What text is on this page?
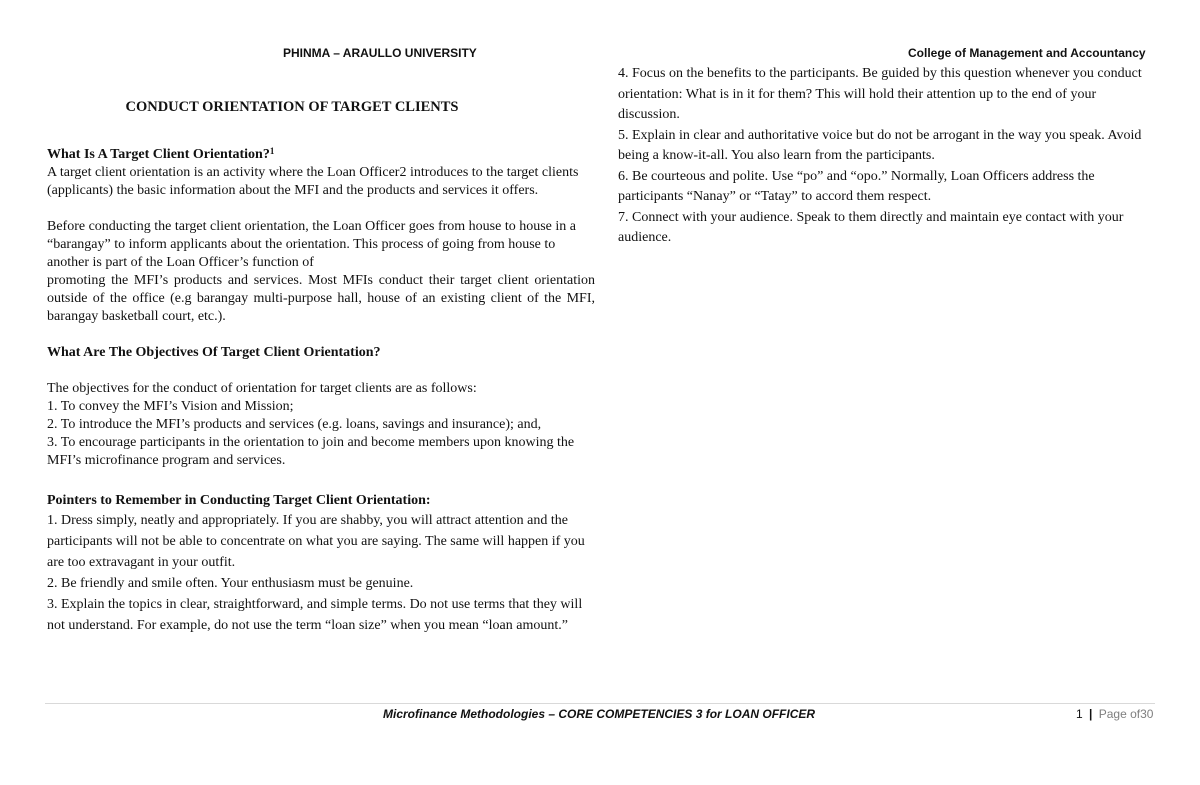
PHINMA – ARAULLO UNIVERSITY	College of Management and Accountancy

CONDUCT ORIENTATION OF TARGET CLIENTS

What Is A Target Client Orientation?$^1$

A target client orientation is an activity where the Loan Officer2 introduces to the target clients (applicants) the basic information about the MFI and the products and services it offers.

Before conducting the target client orientation, the Loan Officer goes from house to house in a “barangay” to inform applicants about the orientation. This process of going from house to another is part of the Loan Officer’s function of

promoting the MFI’s products and services. Most MFIs conduct their target client orientation outside of the office (e.g barangay multi-purpose hall, house of an existing client of the MFI, barangay basketball court, etc.).

What Are The Objectives Of Target Client Orientation?

The objectives for the conduct of orientation for target clients are as follows:

1. To convey the MFI’s Vision and Mission;
2. To introduce the MFI’s products and services (e.g. loans, savings and insurance); and,
3. To encourage participants in the orientation to join and become members upon knowing the MFI’s microfinance program and services.

Pointers to Remember in Conducting Target Client Orientation:

1. Dress simply, neatly and appropriately. If you are shabby, you will attract attention and the participants will not be able to concentrate on what you are saying. The same will happen if you are too extravagant in your outfit.
2. Be friendly and smile often. Your enthusiasm must be genuine.
3. Explain the topics in clear, straightforward, and simple terms. Do not use terms that they will not understand. For example, do not use the term “loan size” when you mean “loan amount.”
4. Focus on the benefits to the participants. Be guided by this question whenever you conduct orientation: What is in it for them? This will hold their attention up to the end of your discussion.
5. Explain in clear and authoritative voice but do not be arrogant in the way you speak. Avoid being a know-it-all. You also learn from the participants.
6. Be courteous and polite. Use “po” and “opo.” Normally, Loan Officers address the participants “Nanay” or “Tatay” to accord them respect.
7. Connect with your audience. Speak to them directly and maintain eye contact with your audience.
Microfinance Methodologies – CORE COMPETENCIES 3 for LOAN OFFICER	1 | Page of30
